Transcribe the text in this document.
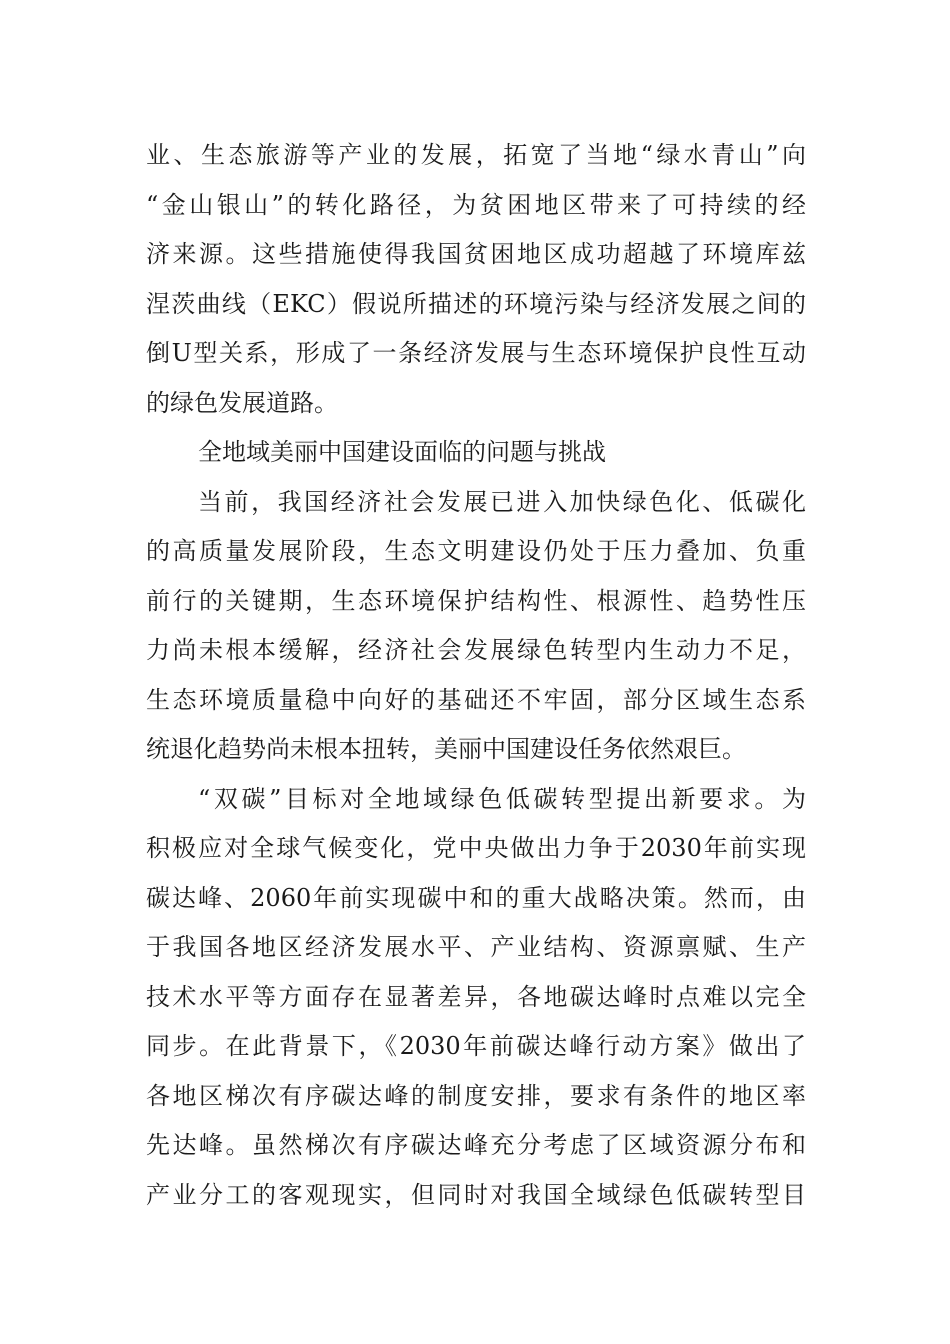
业、生态旅游等产业的发展，拓宽了当地“绿水青山”向
“金山银山”的转化路径，为贫困地区带来了可持续的经
济来源。这些措施使得我国贫困地区成功超越了环境库兹
涅茨曲线（EKC）假说所描述的环境污染与经济发展之间的
倒U型关系，形成了一条经济发展与生态环境保护良性互动
的绿色发展道路。
全地域美丽中国建设面临的问题与挑战
当前，我国经济社会发展已进入加快绿色化、低碳化
的高质量发展阶段，生态文明建设仍处于压力叠加、负重
前行的关键期，生态环境保护结构性、根源性、趋势性压
力尚未根本缓解，经济社会发展绿色转型内生动力不足，
生态环境质量稳中向好的基础还不牢固，部分区域生态系
统退化趋势尚未根本扭转，美丽中国建设任务依然艰巨。
“双碳”目标对全地域绿色低碳转型提出新要求。为
积极应对全球气候变化，党中央做出力争于2030年前实现
碳达峰、2060年前实现碳中和的重大战略决策。然而，由
于我国各地区经济发展水平、产业结构、资源禀赋、生产
技术水平等方面存在显著差异，各地碳达峰时点难以完全
同步。在此背景下，《2030年前碳达峰行动方案》做出了
各地区梯次有序碳达峰的制度安排，要求有条件的地区率
先达峰。虽然梯次有序碳达峰充分考虑了区域资源分布和
产业分工的客观现实，但同时对我国全域绿色低碳转型目
